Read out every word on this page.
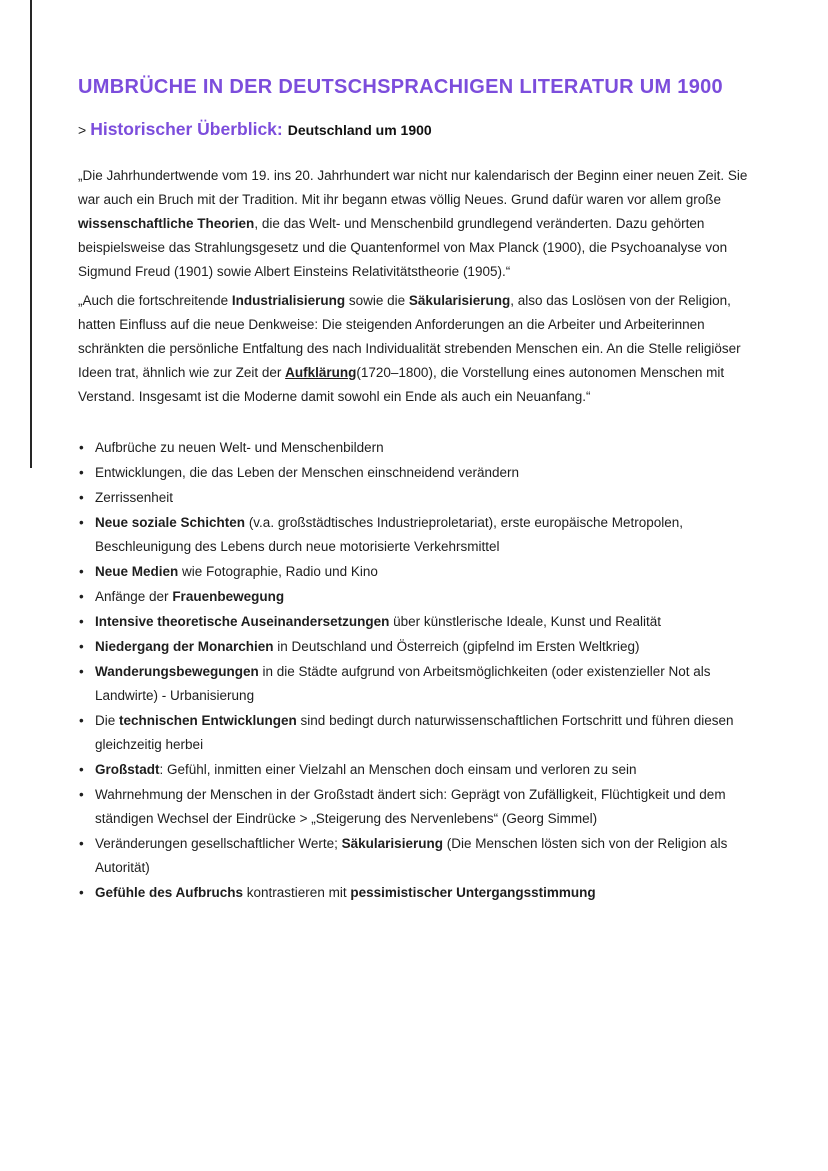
UMBRÜCHE IN DER DEUTSCHSPRACHIGEN LITERATUR UM 1900
> Historischer Überblick: Deutschland um 1900

„Die Jahrhundertwende vom 19. ins 20. Jahrhundert war nicht nur kalendarisch der Beginn einer neuen Zeit. Sie war auch ein Bruch mit der Tradition. Mit ihr begann etwas völlig Neues. Grund dafür waren vor allem große wissenschaftliche Theorien, die das Welt- und Menschenbild grundlegend veränderten. Dazu gehörten beispielsweise das Strahlungsgesetz und die Quantenformel von Max Planck (1900), die Psychoanalyse von Sigmund Freud (1901) sowie Albert Einsteins Relativitätstheorie (1905).“

„Auch die fortschreitende Industrialisierung sowie die Säkularisierung, also das Loslösen von der Religion, hatten Einfluss auf die neue Denkweise: Die steigenden Anforderungen an die Arbeiter und Arbeiterinnen schränkten die persönliche Entfaltung des nach Individualität strebenden Menschen ein. An die Stelle religiöser Ideen trat, ähnlich wie zur Zeit der Aufklärung(1720–1800), die Vorstellung eines autonomen Menschen mit Verstand. Insgesamt ist die Moderne damit sowohl ein Ende als auch ein Neuanfang.“

• Aufbrüche zu neuen Welt- und Menschenbildern
• Entwicklungen, die das Leben der Menschen einschneidend verändern
• Zerrissenheit
• Neue soziale Schichten (v.a. großstädtisches Industrieproletariat), erste europäische Metropolen, Beschleunigung des Lebens durch neue motorisierte Verkehrsmittel
• Neue Medien wie Fotographie, Radio und Kino
• Anfänge der Frauenbewegung
• Intensive theoretische Auseinandersetzungen über künstlerische Ideale, Kunst und Realität
• Niedergang der Monarchien in Deutschland und Österreich (gipfelnd im Ersten Weltkrieg)
• Wanderungsbewegungen in die Städte aufgrund von Arbeitsmöglichkeiten (oder existenzieller Not als Landwirte) - Urbanisierung
• Die technischen Entwicklungen sind bedingt durch naturwissenschaftlichen Fortschritt und führen diesen gleichzeitig herbei
• Großstadt: Gefühl, inmitten einer Vielzahl an Menschen doch einsam und verloren zu sein
• Wahrnehmung der Menschen in der Großstadt ändert sich: Geprägt von Zufälligkeit, Flüchtigkeit und dem ständigen Wechsel der Eindrücke > „Steigerung des Nervenlebens“ (Georg Simmel)
• Veränderungen gesellschaftlicher Werte; Säkularisierung (Die Menschen lösten sich von der Religion als Autorität)
• Gefühle des Aufbruchs kontrastieren mit pessimistischer Untergangsstimmung
